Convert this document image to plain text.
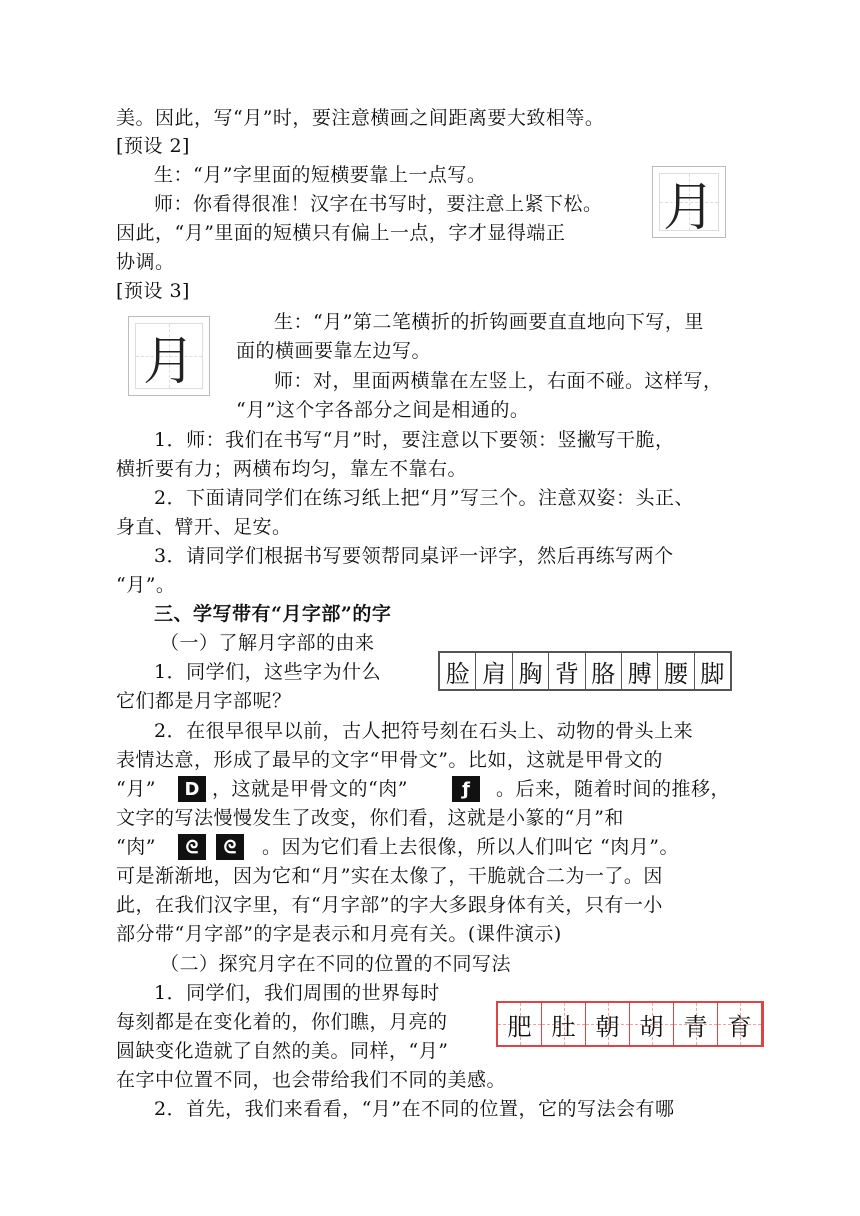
美。因此，写“月”时，要注意横画之间距离要大致相等。
[预设 2]
生：“月”字里面的短横要靠上一点写。
师：你看得很准！汉字在书写时，要注意上紧下松。
因此，“月”里面的短横只有偏上一点，字才显得端正
协调。
月
[预设 3]
月
生：“月”第二笔横折的折钩画要直直地向下写，里
面的横画要靠左边写。
师：对，里面两横靠在左竖上，右面不碰。这样写，
“月”这个字各部分之间是相通的。
1．师：我们在书写“月”时，要注意以下要领：竖撇写干脆，
横折要有力；两横布均匀，靠左不靠右。
2．下面请同学们在练习纸上把“月”写三个。注意双姿：头正、
身直、臂开、足安。
3．请同学们根据书写要领帮同桌评一评字，然后再练写两个
“月”。
三、学写带有“月字部”的字
（一）了解月字部的由来
1．同学们，这些字为什么
它们都是月字部呢？
脸 肩 胸 背 胳 膊 腰 脚
2．在很早很早以前，古人把符号刻在石头上、动物的骨头上来
表情达意，形成了最早的文字“甲骨文”。比如，这就是甲骨文的
“月”	D ，这就是甲骨文的“肉”	ƒ	。后来，随着时间的推移，
文字的写法慢慢发生了改变，你们看，这就是小篆的“月”和
“肉”	ᘓ	ᘓ	。因为它们看上去很像，所以人们叫它 “肉月”。
可是渐渐地，因为它和“月”实在太像了，干脆就合二为一了。因
此，在我们汉字里，有“月字部”的字大多跟身体有关，只有一小
部分带“月字部”的字是表示和月亮有关。(课件演示)
（二）探究月字在不同的位置的不同写法
1．同学们，我们周围的世界每时
每刻都是在变化着的，你们瞧，月亮的
圆缺变化造就了自然的美。同样，“月”
在字中位置不同，也会带给我们不同的美感。
2．首先，我们来看看，“月”在不同的位置，它的写法会有哪
肥 肚 朝 胡 青 育
